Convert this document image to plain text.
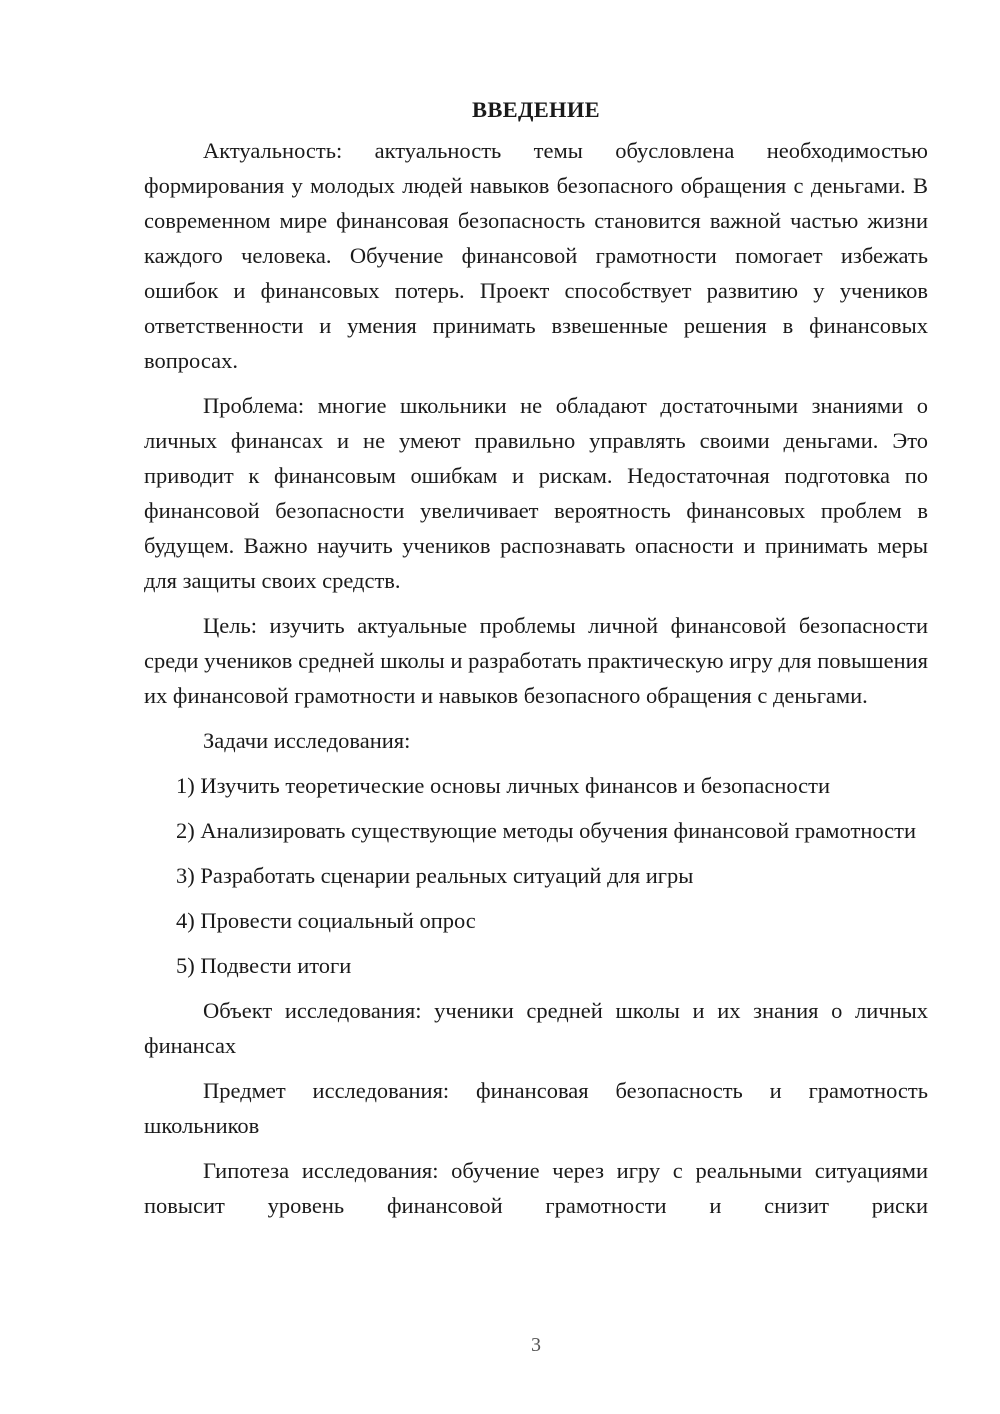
ВВЕДЕНИЕ
Актуальность: актуальность темы обусловлена необходимостью формирования у молодых людей навыков безопасного обращения с деньгами. В современном мире финансовая безопасность становится важной частью жизни каждого человека. Обучение финансовой грамотности помогает избежать ошибок и финансовых потерь. Проект способствует развитию у учеников ответственности и умения принимать взвешенные решения в финансовых вопросах.
Проблема: многие школьники не обладают достаточными знаниями о личных финансах и не умеют правильно управлять своими деньгами. Это приводит к финансовым ошибкам и рискам. Недостаточная подготовка по финансовой безопасности увеличивает вероятность финансовых проблем в будущем. Важно научить учеников распознавать опасности и принимать меры для защиты своих средств.
Цель: изучить актуальные проблемы личной финансовой безопасности среди учеников средней школы и разработать практическую игру для повышения их финансовой грамотности и навыков безопасного обращения с деньгами.
Задачи исследования:
1) Изучить теоретические основы личных финансов и безопасности
2) Анализировать существующие методы обучения финансовой грамотности
3) Разработать сценарии реальных ситуаций для игры
4) Провести социальный опрос
5) Подвести итоги
Объект исследования: ученики средней школы и их знания о личных финансах
Предмет исследования: финансовая безопасность и грамотность школьников
Гипотеза исследования: обучение через игру с реальными ситуациями повысит уровень финансовой грамотности и снизит риски
3
